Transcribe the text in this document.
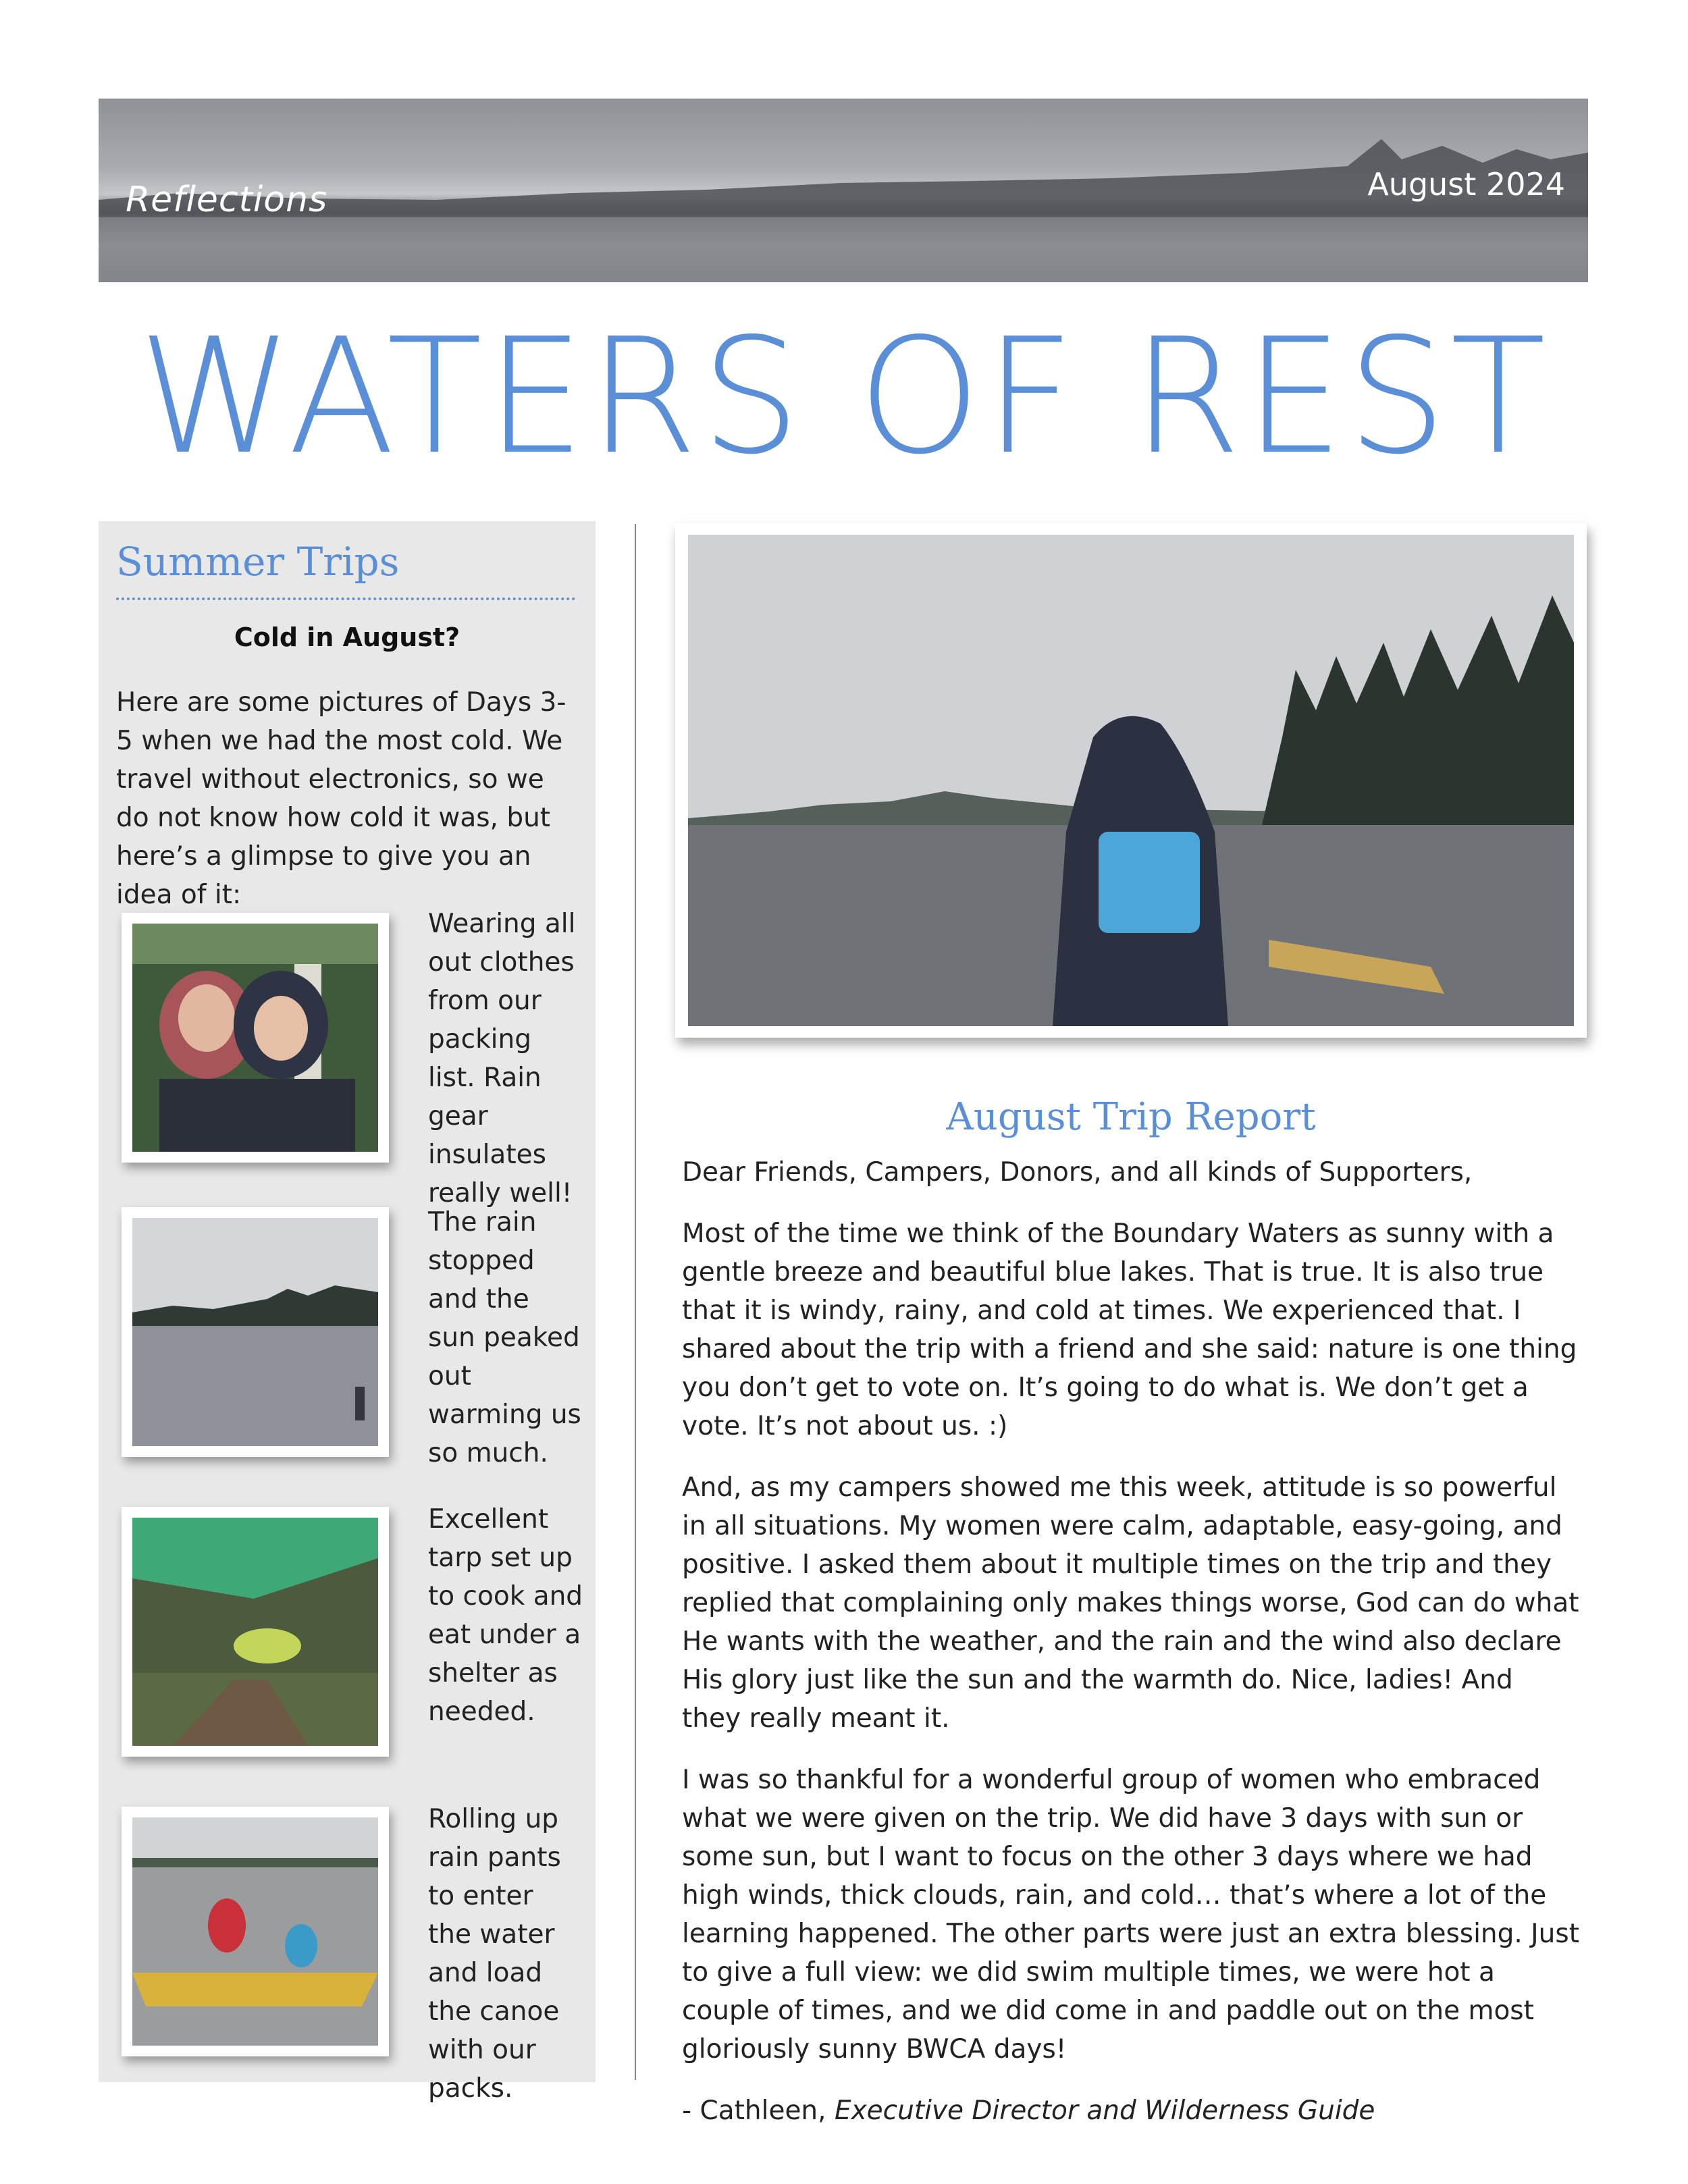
Reflections	August 2024
WATERS OF REST
Summer Trips
Cold in August?
Here are some pictures of Days 3-5 when we had the most cold. We travel without electronics, so we do not know how cold it was, but here’s a glimpse to give you an idea of it:
Wearing all out clothes from our packing list. Rain gear insulates really well!
The rain stopped and the sun peaked out warming us so much.
Excellent tarp set up to cook and eat under a shelter as needed.
Rolling up rain pants to enter the water and load the canoe with our packs.
August Trip Report

Dear Friends, Campers, Donors, and all kinds of Supporters,

Most of the time we think of the Boundary Waters as sunny with a gentle breeze and beautiful blue lakes. That is true. It is also true that it is windy, rainy, and cold at times. We experienced that. I shared about the trip with a friend and she said: nature is one thing you don’t get to vote on. It’s going to do what is. We don’t get a vote. It’s not about us. :)

And, as my campers showed me this week, attitude is so powerful in all situations. My women were calm, adaptable, easy-going, and positive. I asked them about it multiple times on the trip and they replied that complaining only makes things worse, God can do what He wants with the weather, and the rain and the wind also declare His glory just like the sun and the warmth do. Nice, ladies! And they really meant it.

I was so thankful for a wonderful group of women who embraced what we were given on the trip. We did have 3 days with sun or some sun, but I want to focus on the other 3 days where we had high winds, thick clouds, rain, and cold… that’s where a lot of the learning happened. The other parts were just an extra blessing. Just to give a full view: we did swim multiple times, we were hot a couple of times, and we did come in and paddle out on the most gloriously sunny BWCA days!

- Cathleen, Executive Director and Wilderness Guide
